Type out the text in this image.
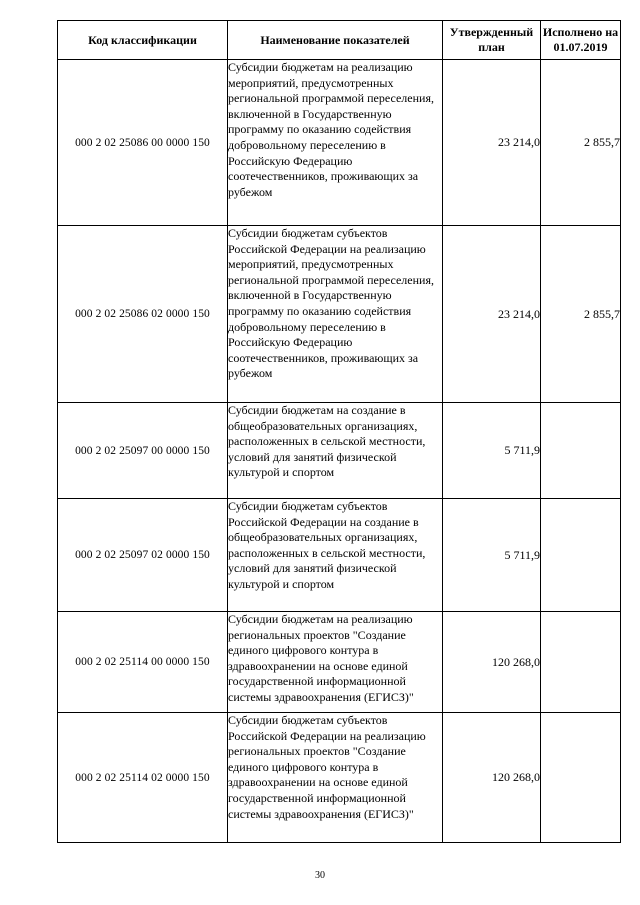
Код классификации	Наименование показателей	Утвержденный план	Исполнено на 01.07.2019
000 2 02 25086 00 0000 150	Субсидии бюджетам на реализацию мероприятий, предусмотренных региональной программой переселения, включенной в Государственную программу по оказанию содействия добровольному переселению в Российскую Федерацию соотечественников, проживающих за рубежом	23 214,0	2 855,7
000 2 02 25086 02 0000 150	Субсидии бюджетам субъектов Российской Федерации на реализацию мероприятий, предусмотренных региональной программой переселения, включенной в Государственную программу по оказанию содействия добровольному переселению в Российскую Федерацию соотечественников, проживающих за рубежом	23 214,0	2 855,7
000 2 02 25097 00 0000 150	Субсидии бюджетам на создание в общеобразовательных организациях, расположенных в сельской местности, условий для занятий физической культурой и спортом	5 711,9	
000 2 02 25097 02 0000 150	Субсидии бюджетам субъектов Российской Федерации на создание в общеобразовательных организациях, расположенных в сельской местности, условий для занятий физической культурой и спортом	5 711,9	
000 2 02 25114 00 0000 150	Субсидии бюджетам на реализацию региональных проектов "Создание единого цифрового контура в здравоохранении на основе единой государственной информационной системы здравоохранения (ЕГИСЗ)"	120 268,0	
000 2 02 25114 02 0000 150	Субсидии бюджетам субъектов Российской Федерации на реализацию региональных проектов "Создание единого цифрового контура в здравоохранении на основе единой государственной информационной системы здравоохранения (ЕГИСЗ)"	120 268,0	
30
